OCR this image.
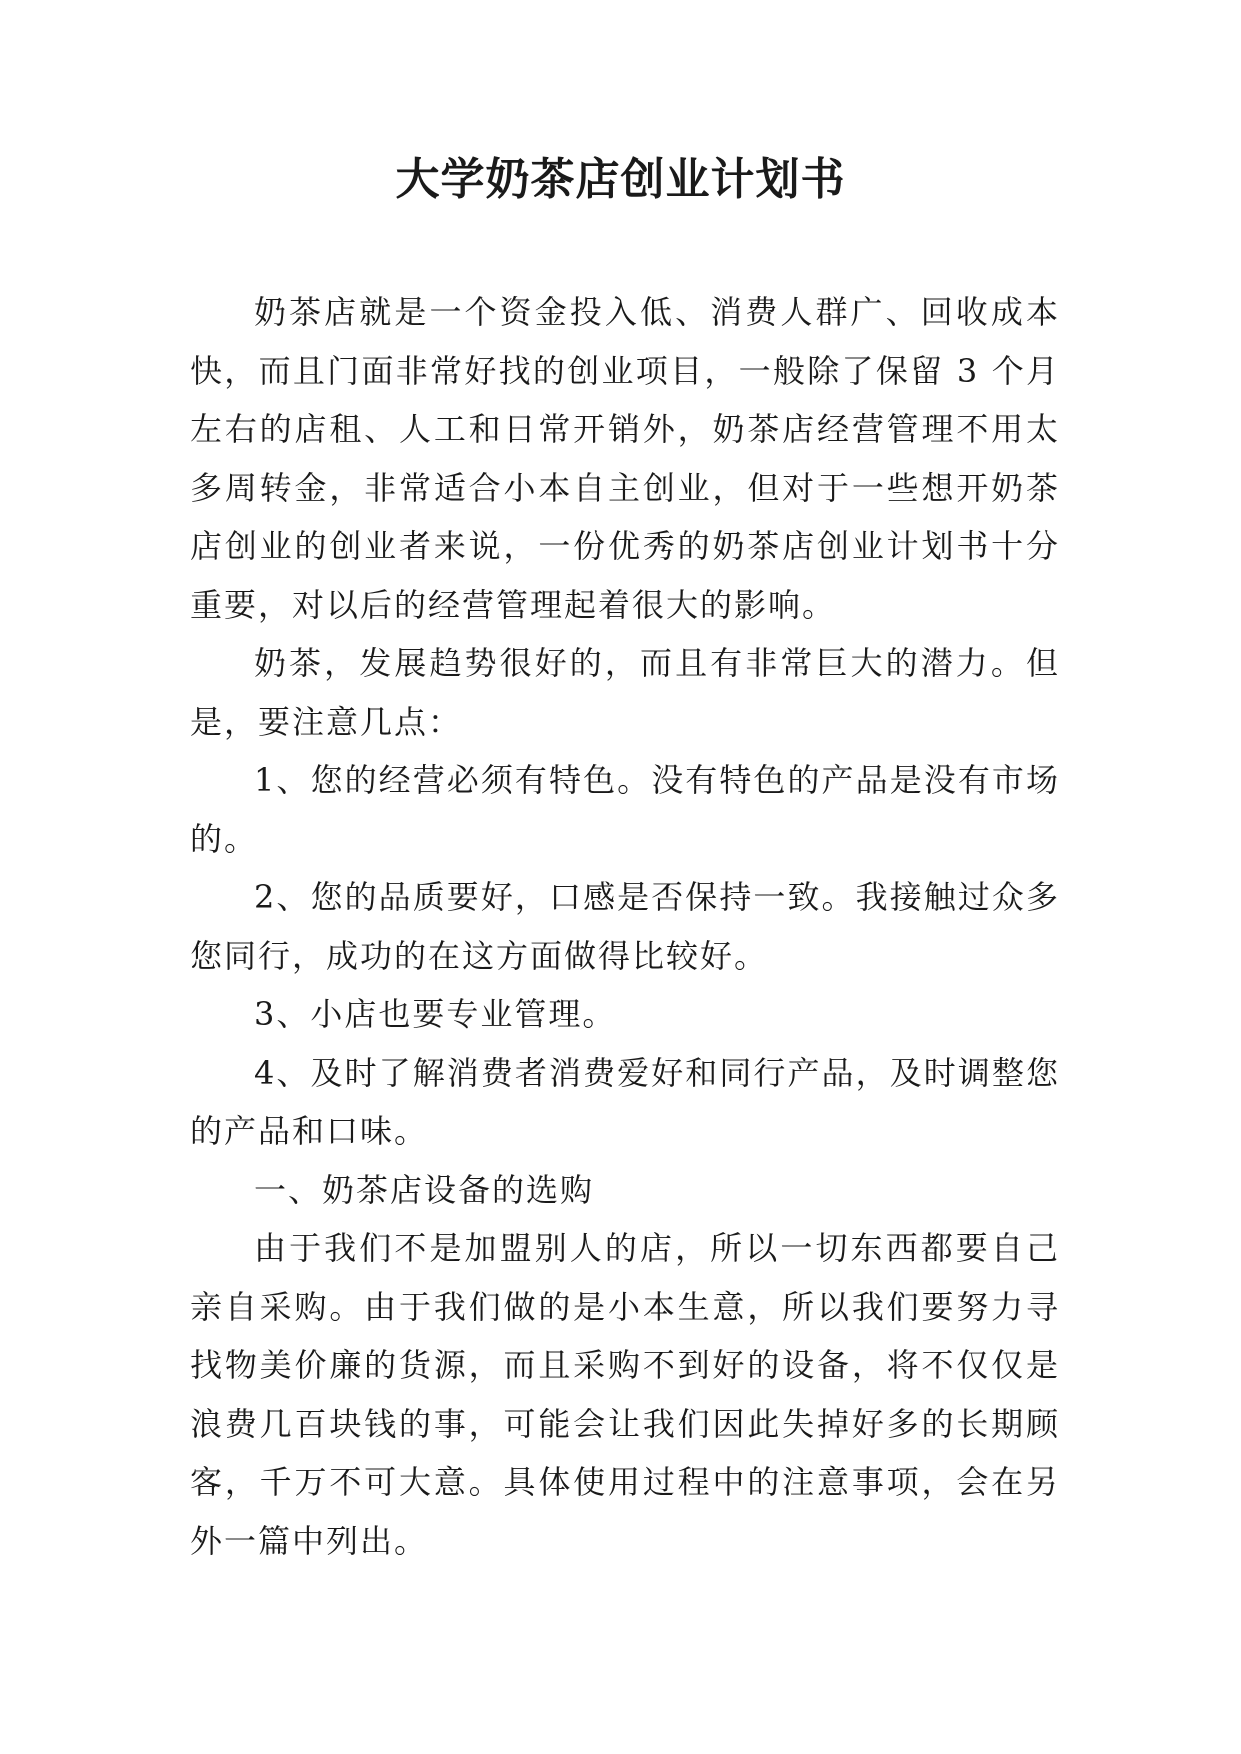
大学奶茶店创业计划书

奶茶店就是一个资金投入低、消费人群广、回收成本快，而且门面非常好找的创业项目，一般除了保留 3 个月左右的店租、人工和日常开销外，奶茶店经营管理不用太多周转金，非常适合小本自主创业，但对于一些想开奶茶店创业的创业者来说，一份优秀的奶茶店创业计划书十分重要，对以后的经营管理起着很大的影响。

奶茶，发展趋势很好的，而且有非常巨大的潜力。但是，要注意几点：

1、您的经营必须有特色。没有特色的产品是没有市场的。

2、您的品质要好，口感是否保持一致。我接触过众多您同行，成功的在这方面做得比较好。

3、小店也要专业管理。

4、及时了解消费者消费爱好和同行产品，及时调整您的产品和口味。

一、奶茶店设备的选购

由于我们不是加盟别人的店，所以一切东西都要自己亲自采购。由于我们做的是小本生意，所以我们要努力寻找物美价廉的货源，而且采购不到好的设备，将不仅仅是浪费几百块钱的事，可能会让我们因此失掉好多的长期顾客，千万不可大意。具体使用过程中的注意事项，会在另外一篇中列出。
